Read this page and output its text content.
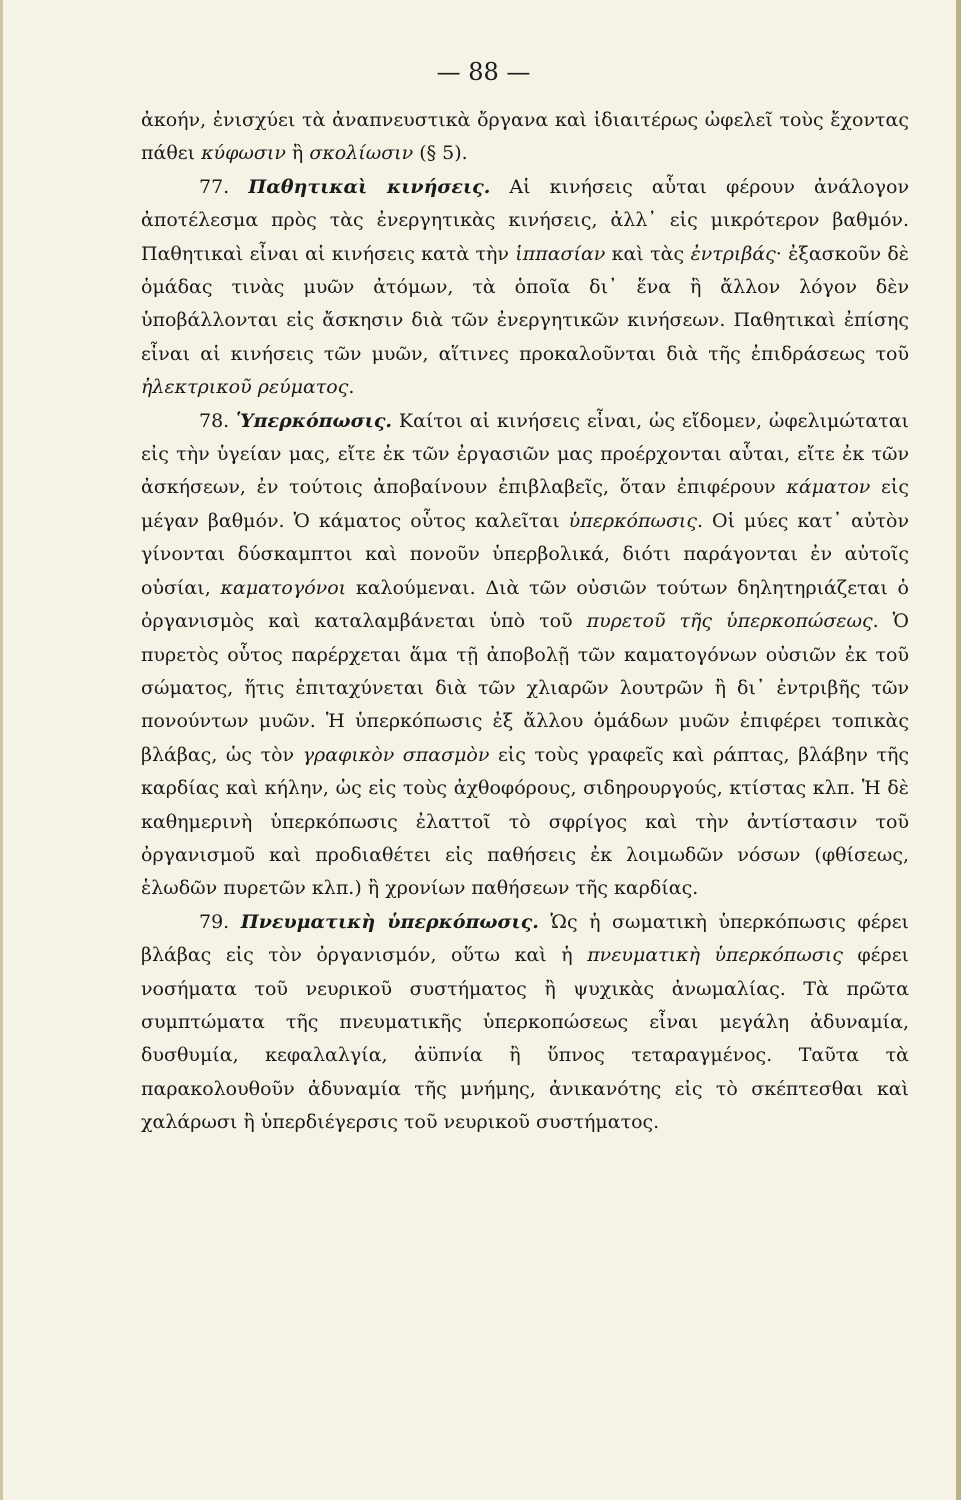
— 88 —

ἀκοήν, ἐνισχύει τὰ ἀναπνευστικὰ ὄργανα καὶ ἰδιαιτέρως ὠφελεῖ τοὺς ἔχοντας πάθει κύφωσιν ἢ σκολίωσιν (§ 5).

77. Παθητικαὶ κινήσεις. Αἱ κινήσεις αὗται φέρουν ἀνάλογον ἀποτέλεσμα πρὸς τὰς ἐνεργητικὰς κινήσεις, ἀλλ᾽ εἰς μικρότερον βαθμόν. Παθητικαὶ εἶναι αἱ κινήσεις κατὰ τὴν ἱππασίαν καὶ τὰς ἐντριβάς· ἐξασκοῦν δὲ ὁμάδας τινὰς μυῶν ἀτόμων, τὰ ὁποῖα δι᾽ ἕνα ἢ ἄλλον λόγον δὲν ὑποβάλλονται εἰς ἄσκησιν διὰ τῶν ἐνεργητικῶν κινήσεων. Παθητικαὶ ἐπίσης εἶναι αἱ κινήσεις τῶν μυῶν, αἵτινες προκαλοῦνται διὰ τῆς ἐπιδράσεως τοῦ ἠλεκτρικοῦ ρεύματος.

78. Ὑπερκόπωσις. Καίτοι αἱ κινήσεις εἶναι, ὡς εἴδομεν, ὠφελιμώταται εἰς τὴν ὑγείαν μας, εἴτε ἐκ τῶν ἐργασιῶν μας προέρχονται αὗται, εἴτε ἐκ τῶν ἀσκήσεων, ἐν τούτοις ἀποβαίνουν ἐπιβλαβεῖς, ὅταν ἐπιφέρουν κάματον εἰς μέγαν βαθμόν. Ὁ κάματος οὗτος καλεῖται ὑπερκόπωσις. Οἱ μύες κατ᾽ αὐτὸν γίνονται δύσκαμπτοι καὶ πονοῦν ὑπερβολικά, διότι παράγονται ἐν αὐτοῖς οὐσίαι, καματογόνοι καλούμεναι. Διὰ τῶν οὐσιῶν τούτων δηλητηριάζεται ὁ ὀργανισμὸς καὶ καταλαμβάνεται ὑπὸ τοῦ πυρετοῦ τῆς ὑπερκοπώσεως. Ὁ πυρετὸς οὗτος παρέρχεται ἅμα τῇ ἀποβολῇ τῶν καματογόνων οὐσιῶν ἐκ τοῦ σώματος, ἥτις ἐπιταχύνεται διὰ τῶν χλιαρῶν λουτρῶν ἢ δι᾽ ἐντριβῆς τῶν πονούντων μυῶν. Ἡ ὑπερκόπωσις ἐξ ἄλλου ὁμάδων μυῶν ἐπιφέρει τοπικὰς βλάβας, ὡς τὸν γραφικὸν σπασμὸν εἰς τοὺς γραφεῖς καὶ ράπτας, βλάβην τῆς καρδίας καὶ κήλην, ὡς εἰς τοὺς ἀχθοφόρους, σιδηρουργούς, κτίστας κλπ. Ἡ δὲ καθημερινὴ ὑπερκόπωσις ἐλαττοῖ τὸ σφρίγος καὶ τὴν ἀντίστασιν τοῦ ὀργανισμοῦ καὶ προδιαθέτει εἰς παθήσεις ἐκ λοιμωδῶν νόσων (φθίσεως, ἑλωδῶν πυρετῶν κλπ.) ἢ χρονίων παθήσεων τῆς καρδίας.

79. Πνευματικὴ ὑπερκόπωσις. Ὡς ἡ σωματικὴ ὑπερκόπωσις φέρει βλάβας εἰς τὸν ὀργανισμόν, οὕτω καὶ ἡ πνευματικὴ ὑπερκόπωσις φέρει νοσήματα τοῦ νευρικοῦ συστήματος ἢ ψυχικὰς ἀνωμαλίας. Τὰ πρῶτα συμπτώματα τῆς πνευματικῆς ὑπερκοπώσεως εἶναι μεγάλη ἀδυναμία, δυσθυμία, κεφαλαλγία, ἀϋπνία ἢ ὕπνος τεταραγμένος. Ταῦτα τὰ παρακολουθοῦν ἀδυναμία τῆς μνήμης, ἀνικανότης εἰς τὸ σκέπτεσθαι καὶ χαλάρωσι ἢ ὑπερδιέγερσις τοῦ νευρικοῦ συστήματος.
